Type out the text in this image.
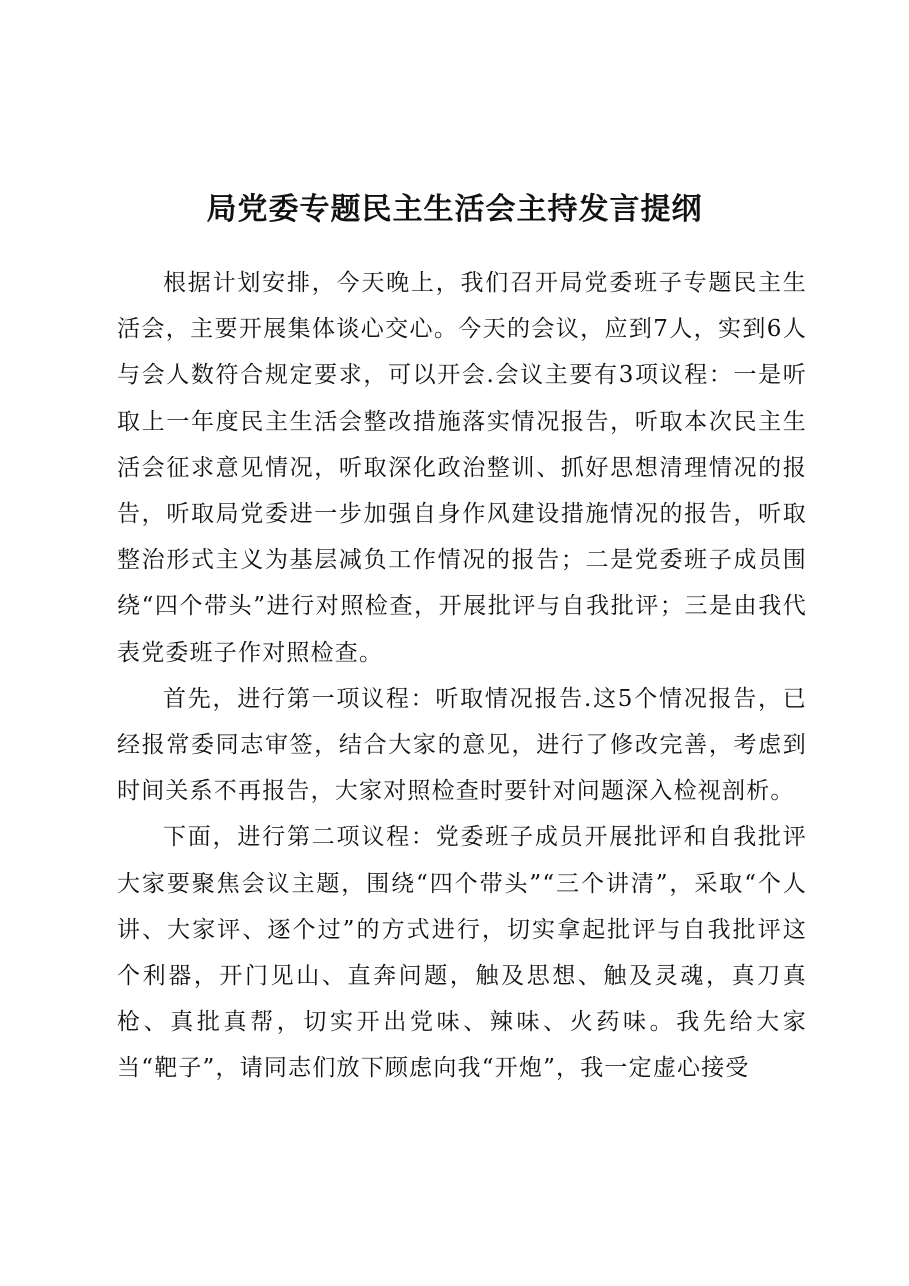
局党委专题民主生活会主持发言提纲

根据计划安排，今天晚上，我们召开局党委班子专题民主生活会，主要开展集体谈心交心。今天的会议，应到7人，实到6人与会人数符合规定要求，可以开会.会议主要有3项议程：一是听取上一年度民主生活会整改措施落实情况报告，听取本次民主生活会征求意见情况，听取深化政治整训、抓好思想清理情况的报告，听取局党委进一步加强自身作风建设措施情况的报告，听取整治形式主义为基层减负工作情况的报告；二是党委班子成员围绕“四个带头”进行对照检查，开展批评与自我批评；三是由我代表党委班子作对照检查。

首先，进行第一项议程：听取情况报告.这5个情况报告，已经报常委同志审签，结合大家的意见，进行了修改完善，考虑到时间关系不再报告，大家对照检查时要针对问题深入检视剖析。

下面，进行第二项议程：党委班子成员开展批评和自我批评大家要聚焦会议主题，围绕“四个带头”“三个讲清”，采取“个人讲、大家评、逐个过”的方式进行，切实拿起批评与自我批评这个利器，开门见山、直奔问题，触及思想、触及灵魂，真刀真枪、真批真帮，切实开出党味、辣味、火药味。我先给大家当“靶子”，请同志们放下顾虑向我“开炮”，我一定虚心接受
